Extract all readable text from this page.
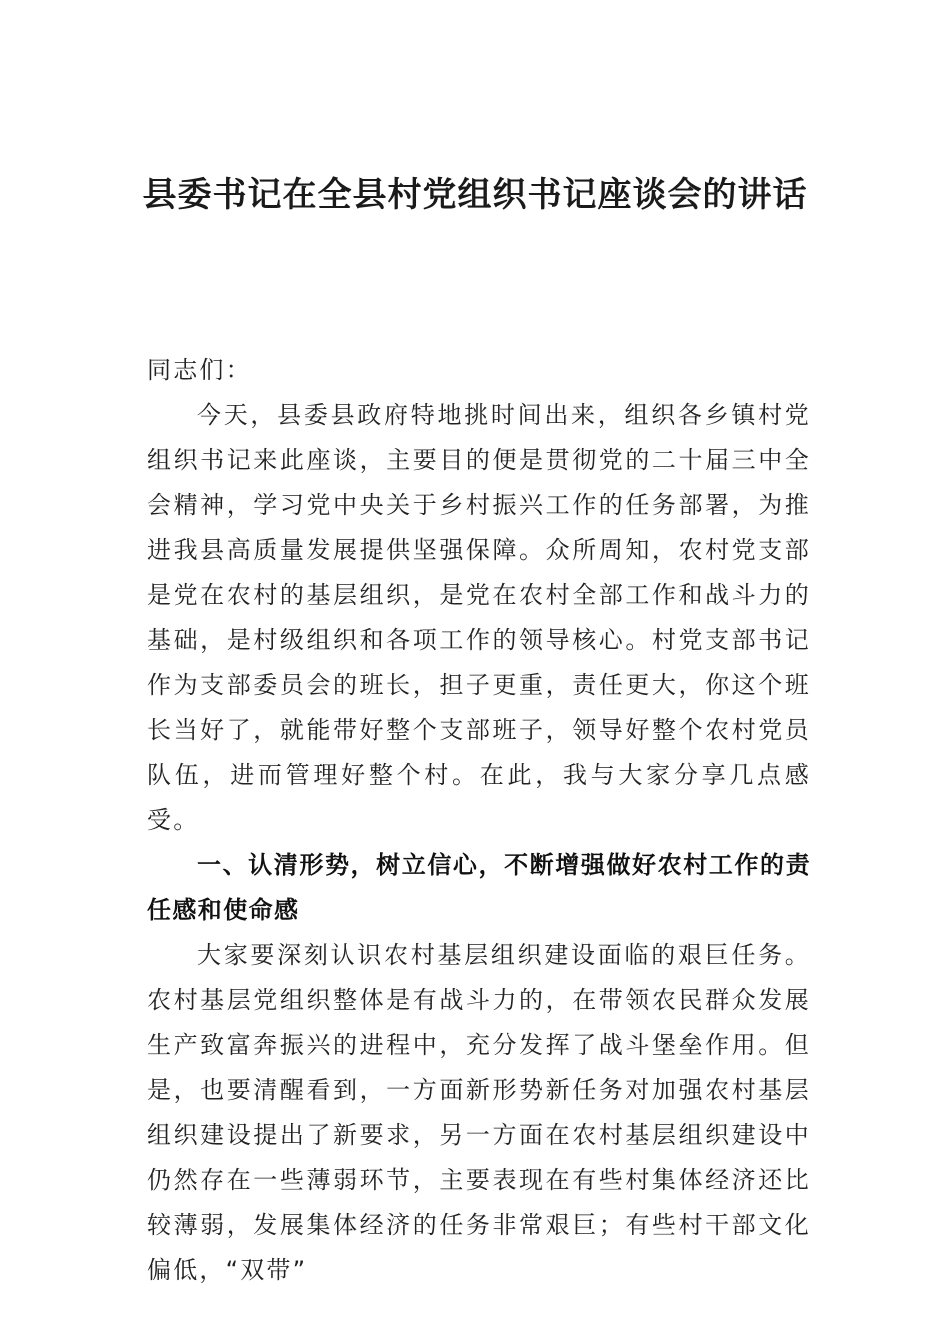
县委书记在全县村党组织书记座谈会的讲话

同志们：

今天，县委县政府特地挑时间出来，组织各乡镇村党组织书记来此座谈，主要目的便是贯彻党的二十届三中全会精神，学习党中央关于乡村振兴工作的任务部署，为推进我县高质量发展提供坚强保障。众所周知，农村党支部是党在农村的基层组织，是党在农村全部工作和战斗力的基础，是村级组织和各项工作的领导核心。村党支部书记作为支部委员会的班长，担子更重，责任更大，你这个班长当好了，就能带好整个支部班子，领导好整个农村党员队伍，进而管理好整个村。在此，我与大家分享几点感受。

一、认清形势，树立信心，不断增强做好农村工作的责任感和使命感

大家要深刻认识农村基层组织建设面临的艰巨任务。农村基层党组织整体是有战斗力的，在带领农民群众发展生产致富奔振兴的进程中，充分发挥了战斗堡垒作用。但是，也要清醒看到，一方面新形势新任务对加强农村基层组织建设提出了新要求，另一方面在农村基层组织建设中仍然存在一些薄弱环节，主要表现在有些村集体经济还比较薄弱，发展集体经济的任务非常艰巨；有些村干部文化偏低，“双带”
